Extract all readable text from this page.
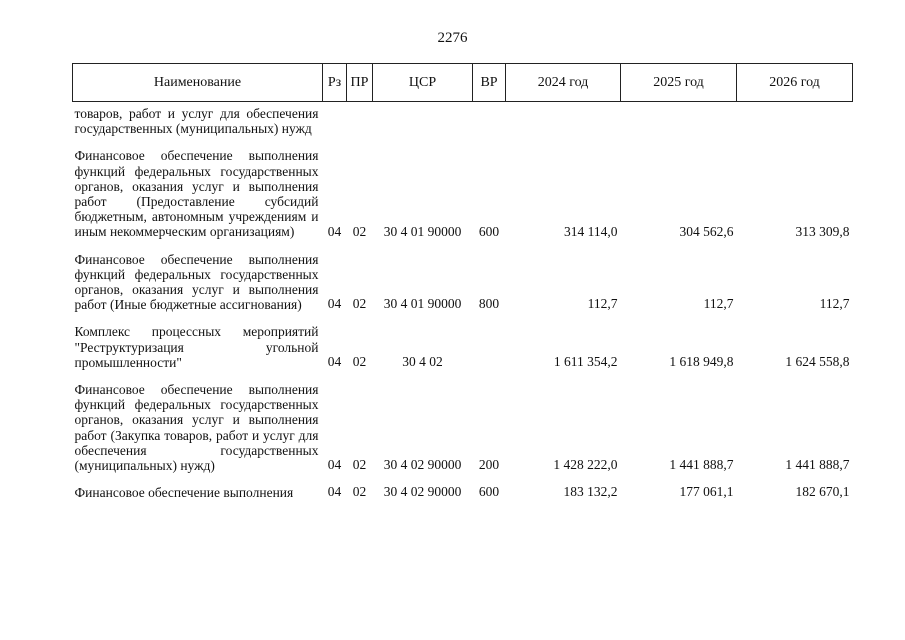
2276
Наименование	Рз	ПР	ЦСР	ВР	2024 год	2025 год	2026 год
товаров, работ и услуг для обеспечения государственных (муниципальных) нужд							

Финансовое обеспечение выполнения функций федеральных государственных органов, оказания услуг и выполнения работ (Предоставление субсидий бюджетным, автономным учреждениям и иным некоммерческим организациям)	04	02	30 4 01 90000	600	314 114,0	304 562,6	313 309,8

Финансовое обеспечение выполнения функций федеральных государственных органов, оказания услуг и выполнения работ (Иные бюджетные ассигнования)	04	02	30 4 01 90000	800	112,7	112,7	112,7

Комплекс процессных мероприятий "Реструктуризация угольной промышленности"	04	02	30 4 02		1 611 354,2	1 618 949,8	1 624 558,8

Финансовое обеспечение выполнения функций федеральных государственных органов, оказания услуг и выполнения работ (Закупка товаров, работ и услуг для обеспечения государственных (муниципальных) нужд)	04	02	30 4 02 90000	200	1 428 222,0	1 441 888,7	1 441 888,7

Финансовое обеспечение выполнения	04	02	30 4 02 90000	600	183 132,2	177 061,1	182 670,1
